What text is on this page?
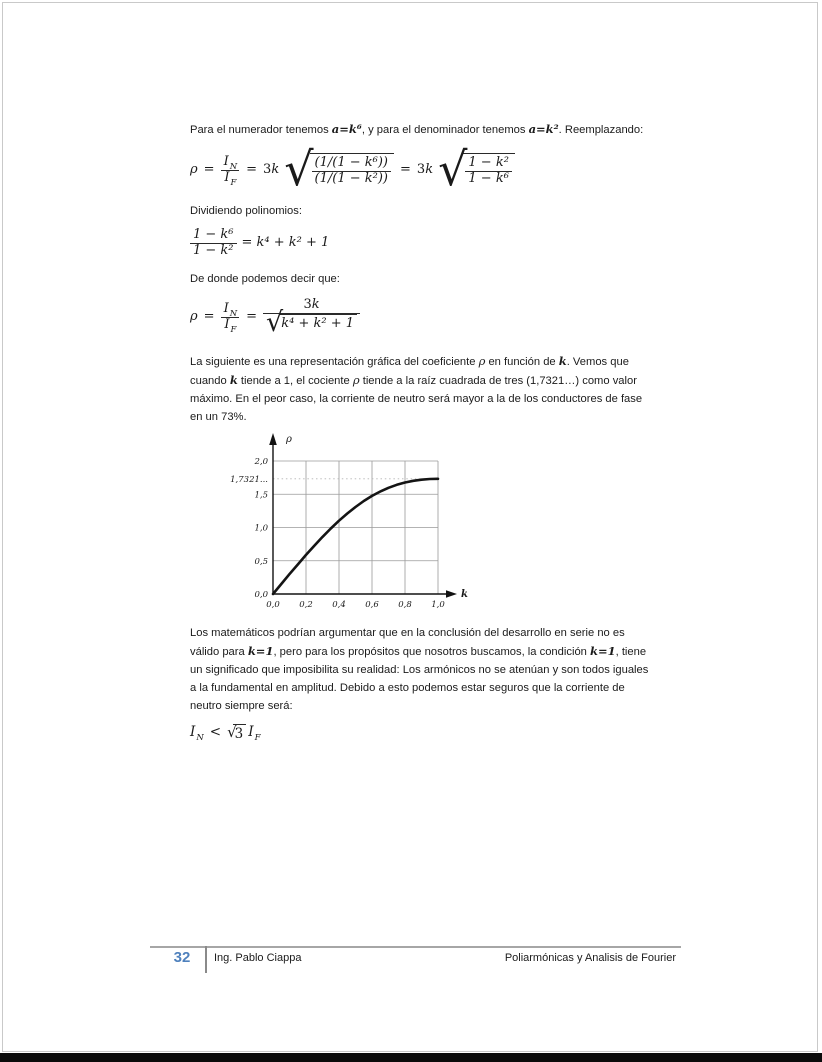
Para el numerador tenemos a=k⁶, y para el denominador tenemos a=k². Reemplazando:

$\rho = \frac{I_N}{I_F} = 3k$ √
$\frac{\text{(1/(1 − k⁶))}}{\text{(1/(1 − k²))}} = 3k$ √
$\frac{\text{1 − k²}}{\text{1 − k⁶}}$

Dividiendo polinomios:

$\frac{\text{1 − k⁶}}{\text{1 − k²}} = k^4 + k^2 + 1$

De donde podemos decir que:

$\rho = \frac{I_N}{I_F} = 3k$
√
k⁴ + k² + 1

La siguiente es una representación gráfica del coeficiente ρ en función de k. Vemos que cuando k tiende a 1, el cociente ρ tiende a la raíz cuadrada de tres (1,7321…) como valor máximo. En el peor caso, la corriente de neutro será mayor a la de los conductores de fase en un 73%.

0,0 0,2 0,4 0,6 0,8 1,0
0,0
0,5
1,0
1,5
2,0
1,7321...
ρ
k

Los matemáticos podrían argumentar que en la conclusión del desarrollo en serie no es válido para k=1, pero para los propósitos que nosotros buscamos, la condición k=1, tiene un significado que imposibilita su realidad: Los armónicos no se atenúan y son todos iguales a la fundamental en amplitud. Debido a esto podemos estar seguros que la corriente de neutro siempre será:

$I_N$ < √
3 $I_F$
32	Ing. Pablo Ciappa	Poliarmónicas y Analisis de Fourier
